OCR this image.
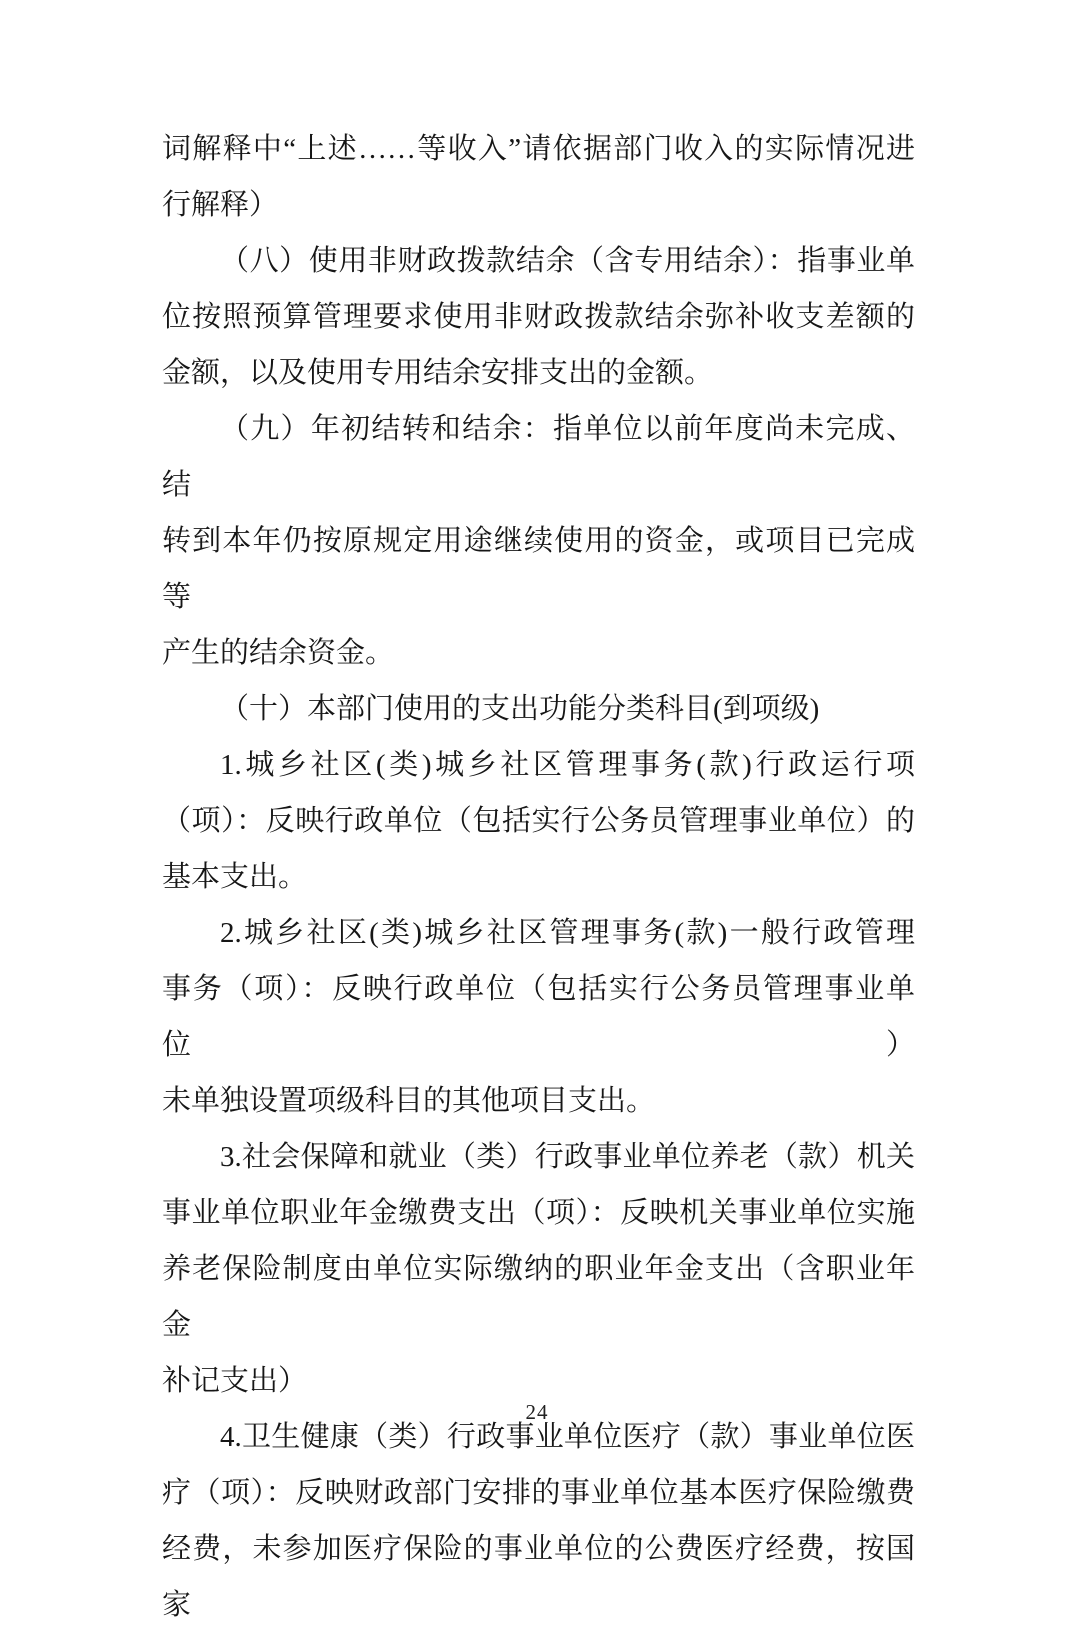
词解释中“上述……等收入”请依据部门收入的实际情况进
行解释）
（八）使用非财政拨款结余（含专用结余）：指事业单
位按照预算管理要求使用非财政拨款结余弥补收支差额的
金额，以及使用专用结余安排支出的金额。
（九）年初结转和结余：指单位以前年度尚未完成、结
转到本年仍按原规定用途继续使用的资金，或项目已完成等
产生的结余资金。
（十）本部门使用的支出功能分类科目(到项级)
1.城乡社区(类)城乡社区管理事务(款)行政运行项
（项）：反映行政单位（包括实行公务员管理事业单位）的
基本支出。
2.城乡社区(类)城乡社区管理事务(款)一般行政管理
事务（项）：反映行政单位（包括实行公务员管理事业单位）
未单独设置项级科目的其他项目支出。
3.社会保障和就业（类）行政事业单位养老（款）机关
事业单位职业年金缴费支出（项）：反映机关事业单位实施
养老保险制度由单位实际缴纳的职业年金支出（含职业年金
补记支出）
4.卫生健康（类）行政事业单位医疗（款）事业单位医
疗（项）：反映财政部门安排的事业单位基本医疗保险缴费
经费，未参加医疗保险的事业单位的公费医疗经费，按国家
24
